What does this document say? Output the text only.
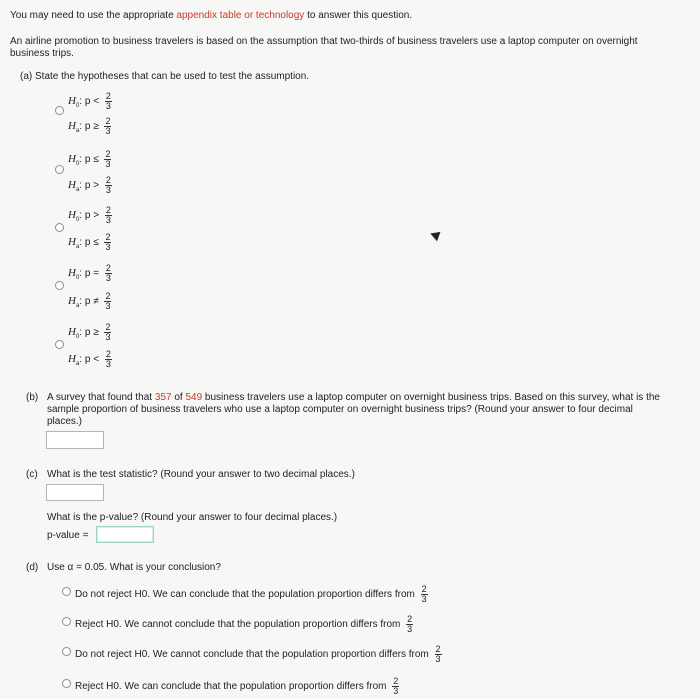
You may need to use the appropriate appendix table or technology to answer this question.
An airline promotion to business travelers is based on the assumption that two-thirds of business travelers use a laptop computer on overnight
business trips.
(a) State the hypotheses that can be used to test the assumption.
$H_0$: $p < \frac{2}{3}$
$H_a$: $p \ge \frac{2}{3}$
$H_0$: $p \le \frac{2}{3}$
$H_a$: $p > \frac{2}{3}$
$H_0$: $p > \frac{2}{3}$
$H_a$: $p \le \frac{2}{3}$
$H_0$: $p = \frac{2}{3}$
$H_a$: $p \ne \frac{2}{3}$
$H_0$: $p \ge \frac{2}{3}$
$H_a$: $p < \frac{2}{3}$
(b) A survey that found that 357 of 549 business travelers use a laptop computer on overnight business trips. Based on this survey, what is the
sample proportion of business travelers who use a laptop computer on overnight business trips? (Round your answer to four decimal
places.)
(c) What is the test statistic? (Round your answer to two decimal places.)
What is the p-value? (Round your answer to four decimal places.)
p-value =
(d) Use α = 0.05. What is your conclusion?
Do not reject H0. We can conclude that the population proportion differs from $\frac{2}{3}$
Reject H0. We cannot conclude that the population proportion differs from $\frac{2}{3}$
Do not reject H0. We cannot conclude that the population proportion differs from $\frac{2}{3}$
Reject H0. We can conclude that the population proportion differs from $\frac{2}{3}$
